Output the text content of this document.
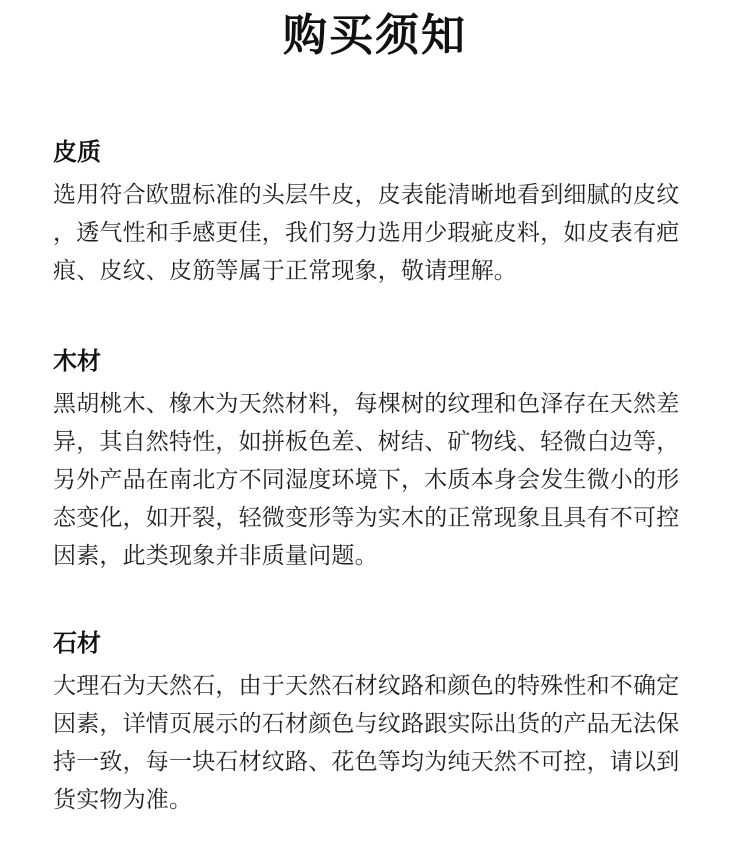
购买须知
皮质

选用符合欧盟标准的头层牛皮，皮表能清晰地看到细腻的皮纹
，透气性和手感更佳，我们努力选用少瑕疵皮料，如皮表有疤
痕、皮纹、皮筋等属于正常现象，敬请理解。

木材

黑胡桃木、橡木为天然材料，每棵树的纹理和色泽存在天然差
异，其自然特性，如拼板色差、树结、矿物线、轻微白边等，
另外产品在南北方不同湿度环境下，木质本身会发生微小的形
态变化，如开裂，轻微变形等为实木的正常现象且具有不可控
因素，此类现象并非质量问题。

石材

大理石为天然石，由于天然石材纹路和颜色的特殊性和不确定
因素，详情页展示的石材颜色与纹路跟实际出货的产品无法保
持一致，每一块石材纹路、花色等均为纯天然不可控，请以到
货实物为准。
